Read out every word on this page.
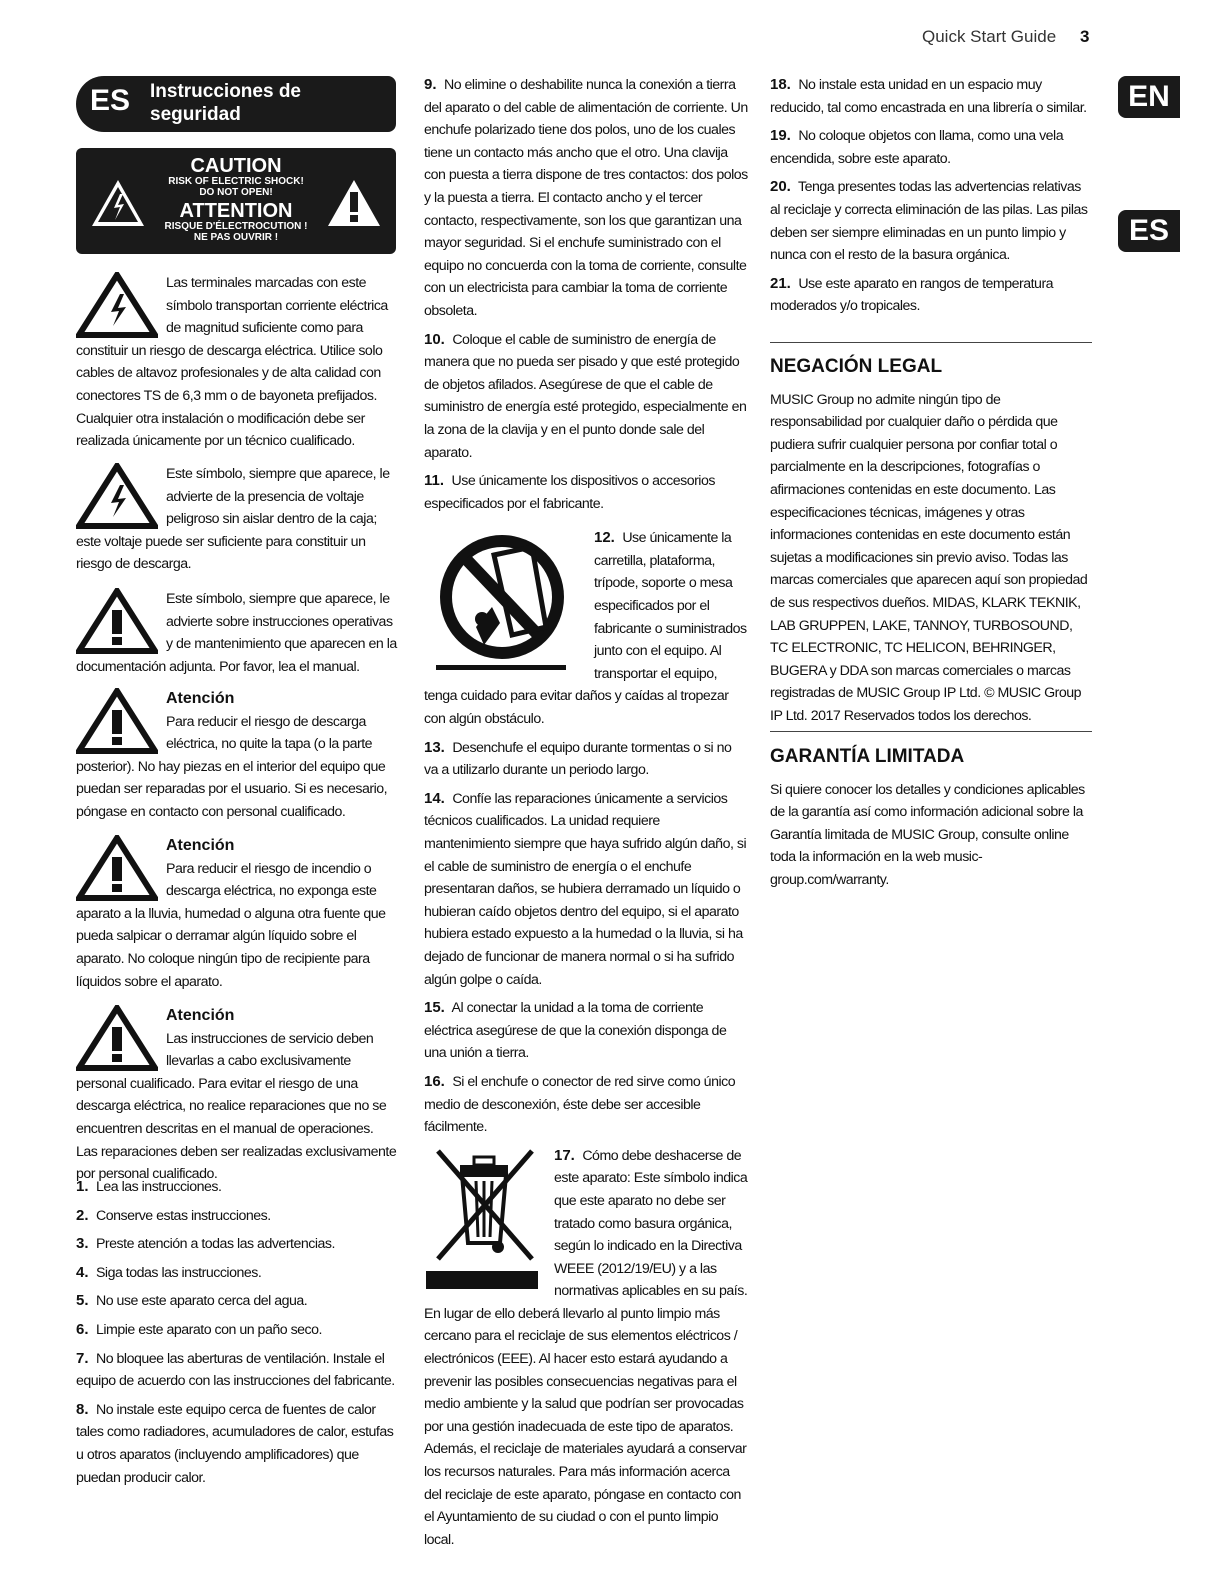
Quick Start Guide 3
EN
ES
ES Instrucciones de
seguridad
CAUTION
RISK OF ELECTRIC SHOCK!
DO NOT OPEN!
ATTENTION
RISQUE D'ÉLECTROCUTION !
NE PAS OUVRIR !
Las terminales marcadas con este símbolo transportan corriente eléctrica de magnitud suficiente como para constituir un riesgo de descarga eléctrica. Utilice solo cables de altavoz profesionales y de alta calidad con conectores TS de 6,3 mm o de bayoneta prefijados. Cualquier otra instalación o modificación debe ser realizada únicamente por un técnico cualificado.
Este símbolo, siempre que aparece, le advierte de la presencia de voltaje peligroso sin aislar dentro de la caja; este voltaje puede ser suficiente para constituir un riesgo de descarga.
Este símbolo, siempre que aparece, le advierte sobre instrucciones operativas y de mantenimiento que aparecen en la documentación adjunta. Por favor, lea el manual.
Atención
Para reducir el riesgo de descarga eléctrica, no quite la tapa (o la parte posterior). No hay piezas en el interior del equipo que puedan ser reparadas por el usuario. Si es necesario, póngase en contacto con personal cualificado.
Atención
Para reducir el riesgo de incendio o descarga eléctrica, no exponga este aparato a la lluvia, humedad o alguna otra fuente que pueda salpicar o derramar algún líquido sobre el aparato. No coloque ningún tipo de recipiente para líquidos sobre el aparato.
Atención
Las instrucciones de servicio deben llevarlas a cabo exclusivamente personal cualificado. Para evitar el riesgo de una descarga eléctrica, no realice reparaciones que no se encuentren descritas en el manual de operaciones. Las reparaciones deben ser realizadas exclusivamente por personal cualificado.

1. Lea las instrucciones.

2. Conserve estas instrucciones.

3. Preste atención a todas las advertencias.

4. Siga todas las instrucciones.

5. No use este aparato cerca del agua.

6. Limpie este aparato con un paño seco.

7. No bloquee las aberturas de ventilación. Instale el equipo de acuerdo con las instrucciones del fabricante.

8. No instale este equipo cerca de fuentes de calor tales como radiadores, acumuladores de calor, estufas u otros aparatos (incluyendo amplificadores) que puedan producir calor.

9. No elimine o deshabilite nunca la conexión a tierra del aparato o del cable de alimentación de corriente. Un enchufe polarizado tiene dos polos, uno de los cuales tiene un contacto más ancho que el otro. Una clavija con puesta a tierra dispone de tres contactos: dos polos y la puesta a tierra. El contacto ancho y el tercer contacto, respectivamente, son los que garantizan una mayor seguridad. Si el enchufe suministrado con el equipo no concuerda con la toma de corriente, consulte con un electricista para cambiar la toma de corriente obsoleta.

10. Coloque el cable de suministro de energía de manera que no pueda ser pisado y que esté protegido de objetos afilados. Asegúrese de que el cable de suministro de energía esté protegido, especialmente en la zona de la clavija y en el punto donde sale del aparato.

11. Use únicamente los dispositivos o accesorios especificados por el fabricante.

12. Use únicamente la carretilla, plataforma, trípode, soporte o mesa especificados por el fabricante o suministrados junto con el equipo. Al transportar el equipo, tenga cuidado para evitar daños y caídas al tropezar con algún obstáculo.

13. Desenchufe el equipo durante tormentas o si no va a utilizarlo durante un periodo largo.

14. Confíe las reparaciones únicamente a servicios técnicos cualificados. La unidad requiere mantenimiento siempre que haya sufrido algún daño, si el cable de suministro de energía o el enchufe presentaran daños, se hubiera derramado un líquido o hubieran caído objetos dentro del equipo, si el aparato hubiera estado expuesto a la humedad o la lluvia, si ha dejado de funcionar de manera normal o si ha sufrido algún golpe o caída.

15. Al conectar la unidad a la toma de corriente eléctrica asegúrese de que la conexión disponga de una unión a tierra.

16. Si el enchufe o conector de red sirve como único medio de desconexión, éste debe ser accesible fácilmente.

17. Cómo debe deshacerse de este aparato: Este símbolo indica que este aparato no debe ser tratado como basura orgánica, según lo indicado en la Directiva WEEE (2012/19/EU) y a las normativas aplicables en su país. En lugar de ello deberá llevarlo al punto limpio más cercano para el reciclaje de sus elementos eléctricos / electrónicos (EEE). Al hacer esto estará ayudando a prevenir las posibles consecuencias negativas para el medio ambiente y la salud que podrían ser provocadas por una gestión inadecuada de este tipo de aparatos. Además, el reciclaje de materiales ayudará a conservar los recursos naturales. Para más información acerca del reciclaje de este aparato, póngase en contacto con el Ayuntamiento de su ciudad o con el punto limpio local.

18. No instale esta unidad en un espacio muy reducido, tal como encastrada en una librería o similar.

19. No coloque objetos con llama, como una vela encendida, sobre este aparato.

20. Tenga presentes todas las advertencias relativas al reciclaje y correcta eliminación de las pilas. Las pilas deben ser siempre eliminadas en un punto limpio y nunca con el resto de la basura orgánica.

21. Use este aparato en rangos de temperatura moderados y/o tropicales.

NEGACIÓN LEGAL
MUSIC Group no admite ningún tipo de responsabilidad por cualquier daño o pérdida que pudiera sufrir cualquier persona por confiar total o parcialmente en la descripciones, fotografías o afirmaciones contenidas en este documento. Las especificaciones técnicas, imágenes y otras informaciones contenidas en este documento están sujetas a modificaciones sin previo aviso. Todas las marcas comerciales que aparecen aquí son propiedad de sus respectivos dueños. MIDAS, KLARK TEKNIK, LAB GRUPPEN, LAKE, TANNOY, TURBOSOUND, TC ELECTRONIC, TC HELICON, BEHRINGER, BUGERA y DDA son marcas comerciales o marcas registradas de MUSIC Group IP Ltd. © MUSIC Group IP Ltd. 2017 Reservados todos los derechos.
GARANTÍA LIMITADA
Si quiere conocer los detalles y condiciones aplicables de la garantía así como información adicional sobre la Garantía limitada de MUSIC Group, consulte online toda la información en la web music-group.com/warranty.
